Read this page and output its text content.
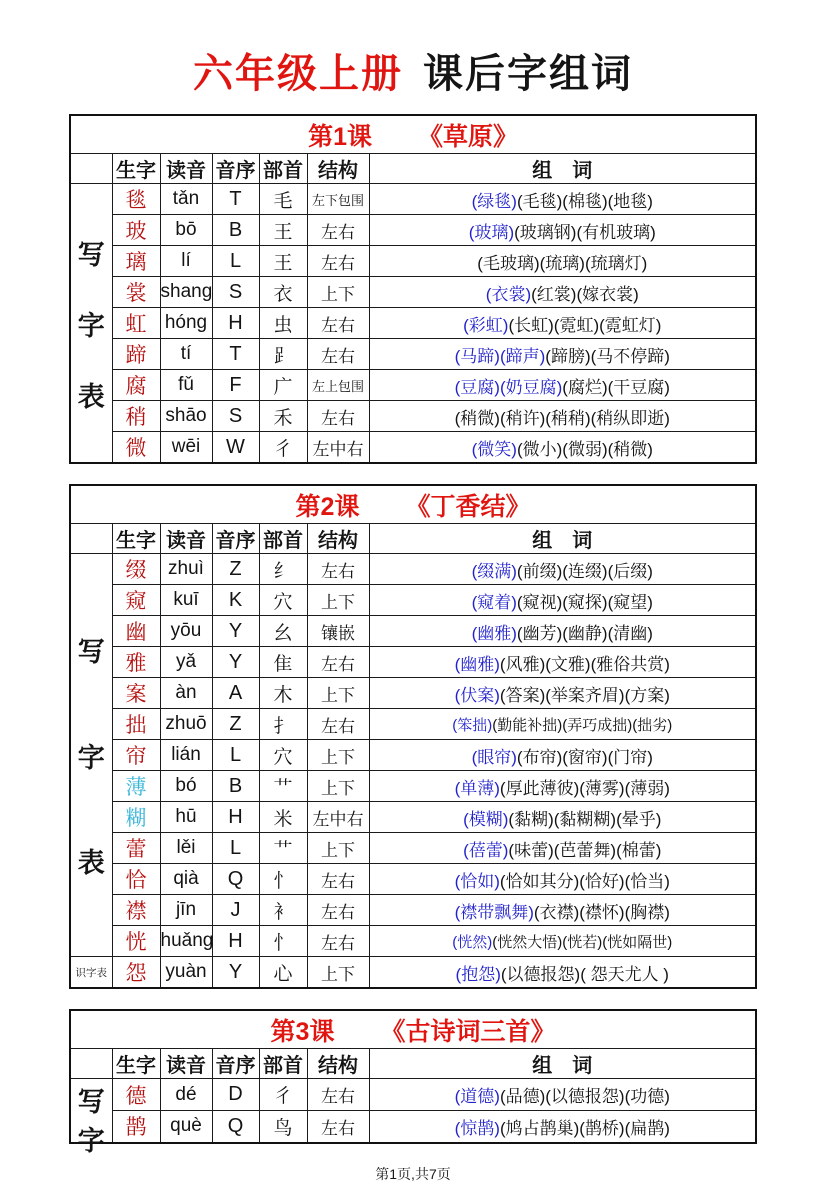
六年级上册 课后字组词
第1课 《草原》						
	生字	读音	音序	部首	结构	组　词

写
字
表	毯	tǎn	T	毛	左下包围	(绿毯)(毛毯)(棉毯)(地毯)
	玻	bō	B	王	左右	(玻璃)(玻璃钢)(有机玻璃)
	璃	lí	L	王	左右	(毛玻璃)(琉璃)(琉璃灯)
	裳	shang	S	衣	上下	(衣裳)(红裳)(嫁衣裳)
	虹	hóng	H	虫	左右	(彩虹)(长虹)(霓虹)(霓虹灯)
	蹄	tí	T	⻊	左右	(马蹄)(蹄声)(蹄膀)(马不停蹄)
	腐	fǔ	F	广	左上包围	(豆腐)(奶豆腐)(腐烂)(干豆腐)
	稍	shāo	S	禾	左右	(稍微)(稍许)(稍稍)(稍纵即逝)
	微	wēi	W	彳	左中右	(微笑)(微小)(微弱)(稍微)
第2课 《丁香结》						
	生字	读音	音序	部首	结构	组　词

写
字
表	缀	zhuì	Z	纟	左右	(缀满)(前缀)(连缀)(后缀)
	窥	kuī	K	穴	上下	(窥着)(窥视)(窥探)(窥望)
	幽	yōu	Y	幺	镶嵌	(幽雅)(幽芳)(幽静)(清幽)
	雅	yǎ	Y	隹	左右	(幽雅)(风雅)(文雅)(雅俗共赏)
	案	àn	A	木	上下	(伏案)(答案)(举案齐眉)(方案)
	拙	zhuō	Z	扌	左右	(笨拙)(勤能补拙)(弄巧成拙)(拙劣)
	帘	lián	L	穴	上下	(眼帘)(布帘)(窗帘)(门帘)
	薄	bó	B	艹	上下	(单薄)(厚此薄彼)(薄雾)(薄弱)
	糊	hū	H	米	左中右	(模糊)(黏糊)(黏糊糊)(晕乎)
	蕾	lěi	L	艹	上下	(蓓蕾)(味蕾)(芭蕾舞)(棉蕾)
	恰	qià	Q	忄	左右	(恰如)(恰如其分)(恰好)(恰当)
	襟	jīn	J	衤	左右	(襟带飘舞)(衣襟)(襟怀)(胸襟)
	恍	huǎng	H	忄	左右	(恍然)(恍然大悟)(恍若)(恍如隔世)
识字表	怨	yuàn	Y	心	上下	(抱怨)(以德报怨)( 怨天尤人 )
第3课 《古诗词三首》						
	生字	读音	音序	部首	结构	组　词

写
字	德	dé	D	彳	左右	(道德)(品德)(以德报怨)(功德)
	鹊	què	Q	鸟	左右	(惊鹊)(鸠占鹊巢)(鹊桥)(扁鹊)
第1页,共7页
